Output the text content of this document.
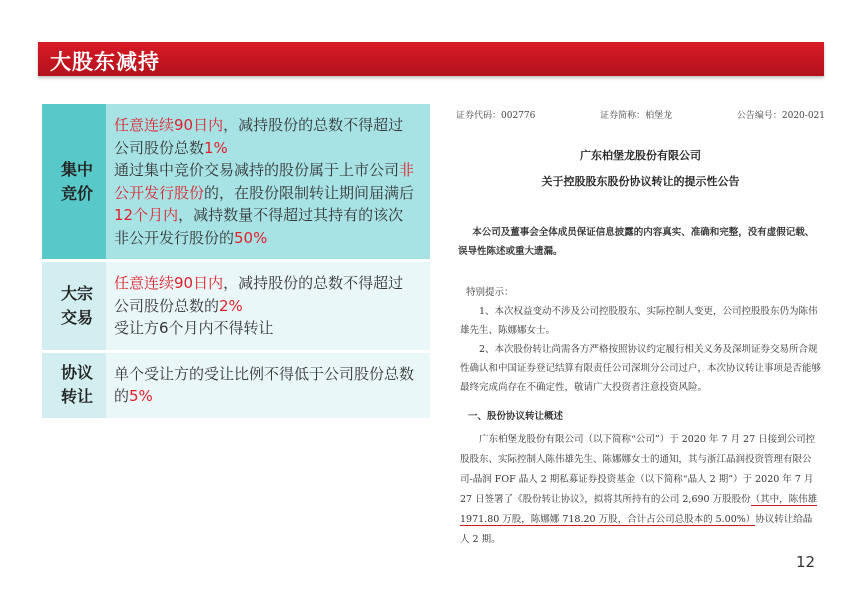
大股东减持
集中竞价
任意连续90日内，减持股份的总数不得超过公司股份总数1%
通过集中竞价交易减持的股份属于上市公司非公开发行股份的，在股份限制转让期间届满后12个月内，减持数量不得超过其持有的该次非公开发行股份的50%
大宗交易
任意连续90日内，减持股份的总数不得超过公司股份总数的2%
受让方6个月内不得转让
协议转让
单个受让方的受让比例不得低于公司股份总数的5%
证券代码：002776	证券简称：柏堡龙	公告编号：2020-021
广东柏堡龙股份有限公司
关于控股股东股份协议转让的提示性公告
本公司及董事会全体成员保证信息披露的内容真实、准确和完整，没有虚假记载、误导性陈述或重大遗漏。
特别提示：
1、本次权益变动不涉及公司控股股东、实际控制人变更，公司控股股东仍为陈伟雄先生、陈娜娜女士。
2、本次股份转让尚需各方严格按照协议约定履行相关义务及深圳证券交易所合规性确认和中国证券登记结算有限责任公司深圳分公司过户，本次协议转让事项是否能够最终完成尚存在不确定性，敬请广大投资者注意投资风险。
一、股份协议转让概述
广东柏堡龙股份有限公司（以下简称“公司”）于 2020 年 7 月 27 日接到公司控股股东、实际控制人陈伟雄先生、陈娜娜女士的通知，其与浙江晶润投资管理有限公司-晶润 FOF 晶人 2 期私募证券投资基金（以下简称“晶人 2 期”）于 2020 年 7 月 27 日签署了《股份转让协议》，拟将其所持有的公司 2,690 万股股份（其中，陈伟雄 1971.80 万股，陈娜娜 718.20 万股，合计占公司总股本的 5.00%）协议转让给晶人 2 期。
12
